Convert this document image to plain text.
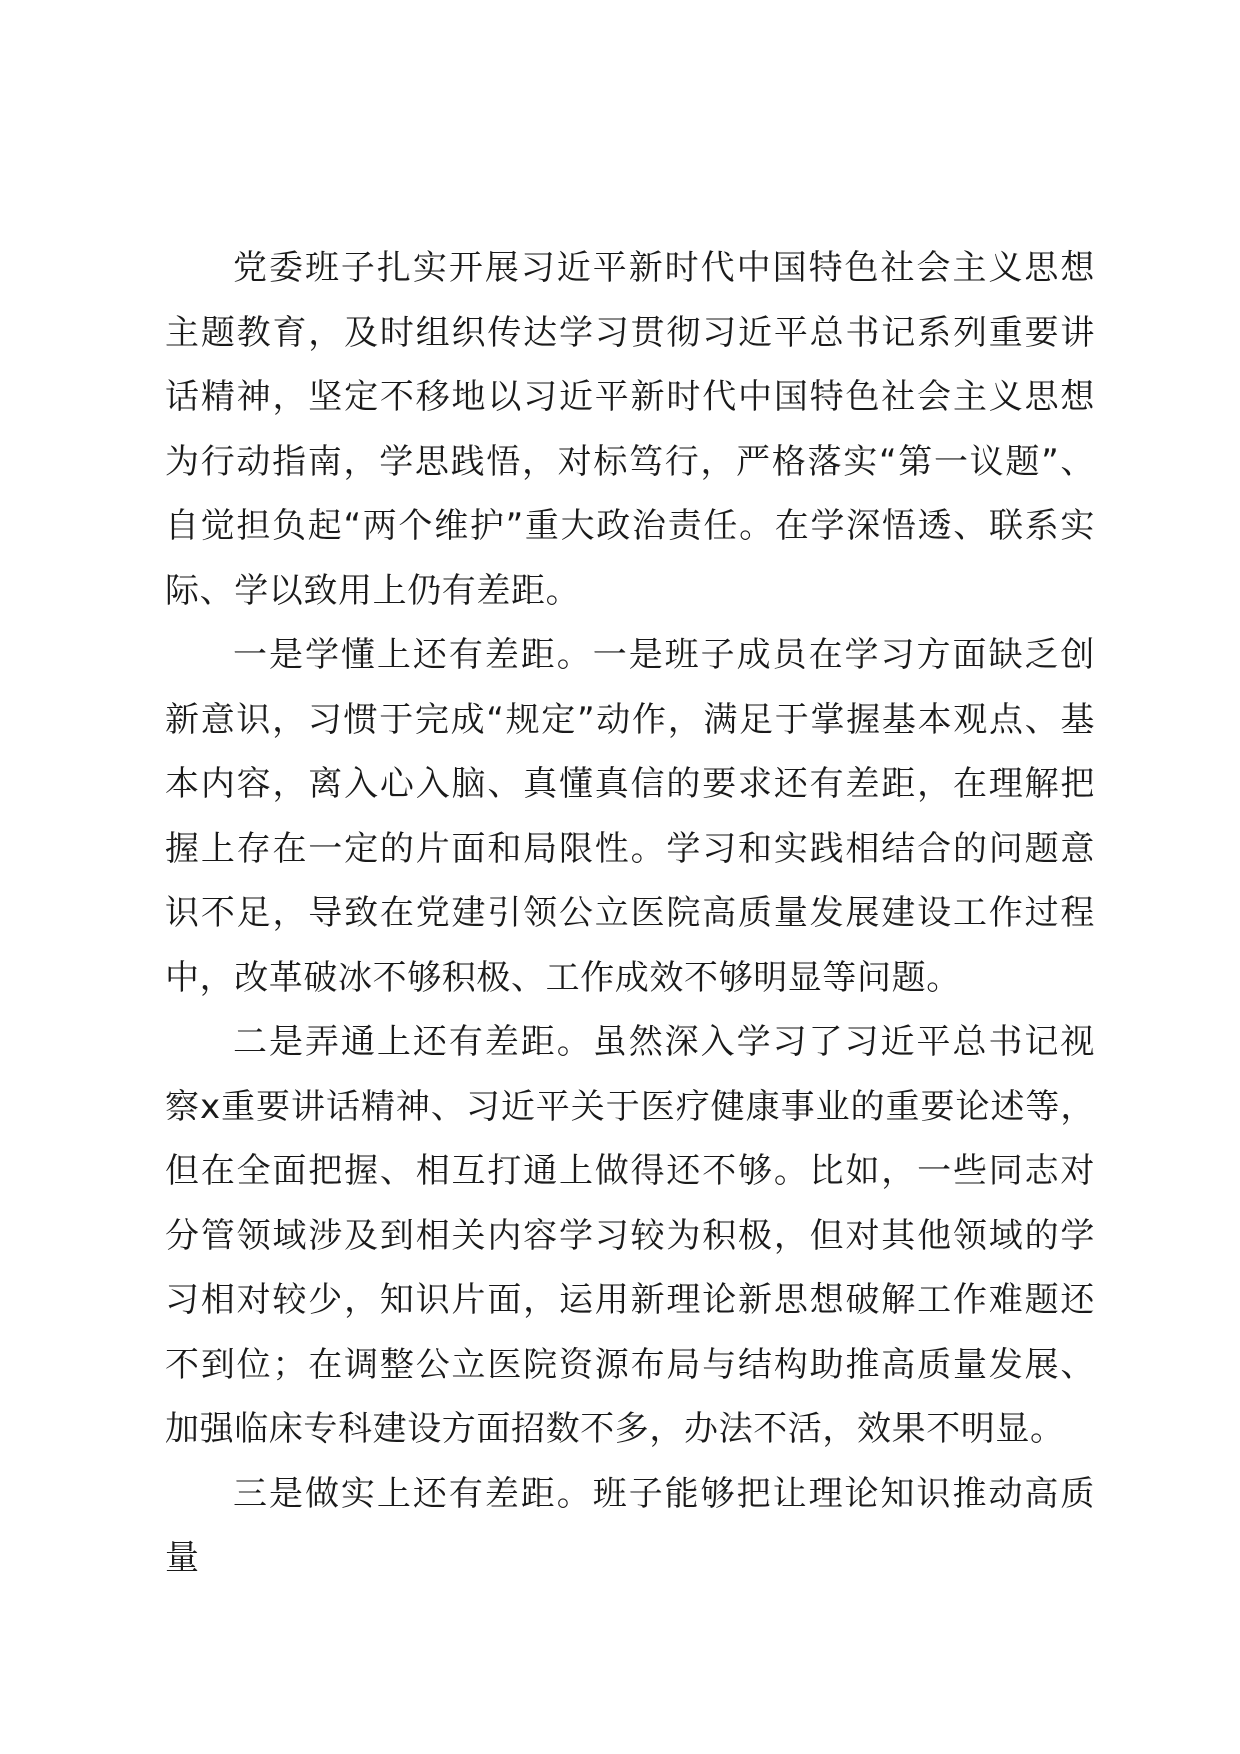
党委班子扎实开展习近平新时代中国特色社会主义思想主题教育，及时组织传达学习贯彻习近平总书记系列重要讲话精神，坚定不移地以习近平新时代中国特色社会主义思想为行动指南，学思践悟，对标笃行，严格落实“第一议题”、自觉担负起“两个维护”重大政治责任。在学深悟透、联系实际、学以致用上仍有差距。

一是学懂上还有差距。一是班子成员在学习方面缺乏创新意识，习惯于完成“规定”动作，满足于掌握基本观点、基本内容，离入心入脑、真懂真信的要求还有差距，在理解把握上存在一定的片面和局限性。学习和实践相结合的问题意识不足，导致在党建引领公立医院高质量发展建设工作过程中，改革破冰不够积极、工作成效不够明显等问题。

二是弄通上还有差距。虽然深入学习了习近平总书记视察x重要讲话精神、习近平关于医疗健康事业的重要论述等，但在全面把握、相互打通上做得还不够。比如，一些同志对分管领域涉及到相关内容学习较为积极，但对其他领域的学习相对较少，知识片面，运用新理论新思想破解工作难题还不到位；在调整公立医院资源布局与结构助推高质量发展、加强临床专科建设方面招数不多，办法不活，效果不明显。

三是做实上还有差距。班子能够把让理论知识推动高质量
